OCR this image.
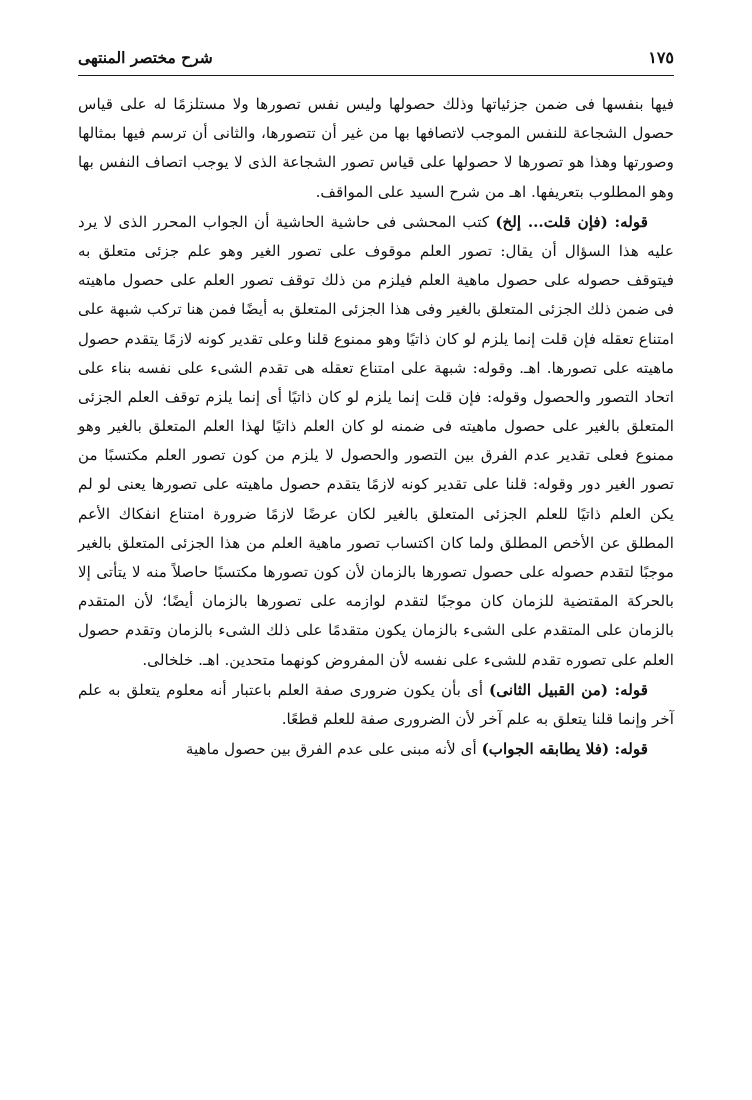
شرح مختصر المنتهى	١٧٥

فيها بنفسها فى ضمن جزئياتها وذلك حصولها وليس نفس تصورها ولا مستلزمًا له على قياس حصول الشجاعة للنفس الموجب لاتصافها بها من غير أن تتصورها، والثانى أن ترسم فيها بمثالها وصورتها وهذا هو تصورها لا حصولها على قياس تصور الشجاعة الذى لا يوجب اتصاف النفس بها وهو المطلوب بتعريفها. اهـ من شرح السيد على المواقف.

قوله: (فإن قلت... إلخ) كتب المحشى فى حاشية الحاشية أن الجواب المحرر الذى لا يرد عليه هذا السؤال أن يقال: تصور العلم موقوف على تصور الغير وهو علم جزئى متعلق به فيتوقف حصوله على حصول ماهية العلم فيلزم من ذلك توقف تصور العلم على حصول ماهيته فى ضمن ذلك الجزئى المتعلق بالغير وفى هذا الجزئى المتعلق به أيضًا فمن هنا تركب شبهة على امتناع تعقله فإن قلت إنما يلزم لو كان ذاتيًا وهو ممنوع قلنا وعلى تقدير كونه لازمًا يتقدم حصول ماهيته على تصورها. اهـ. وقوله: شبهة على امتناع تعقله هى تقدم الشىء على نفسه بناء على اتحاد التصور والحصول وقوله: فإن قلت إنما يلزم لو كان ذاتيًا أى إنما يلزم توقف العلم الجزئى المتعلق بالغير على حصول ماهيته فى ضمنه لو كان العلم ذاتيًا لهذا العلم المتعلق بالغير وهو ممنوع فعلى تقدير عدم الفرق بين التصور والحصول لا يلزم من كون تصور العلم مكتسبًا من تصور الغير دور وقوله: قلنا على تقدير كونه لازمًا يتقدم حصول ماهيته على تصورها يعنى لو لم يكن العلم ذاتيًا للعلم الجزئى المتعلق بالغير لكان عرضًا لازمًا ضرورة امتناع انفكاك الأعم المطلق عن الأخص المطلق ولما كان اكتساب تصور ماهية العلم من هذا الجزئى المتعلق بالغير موجبًا لتقدم حصوله على حصول تصورها بالزمان لأن كون تصورها مكتسبًا حاصلاً منه لا يتأتى إلا بالحركة المقتضية للزمان كان موجبًا لتقدم لوازمه على تصورها بالزمان أيضًا؛ لأن المتقدم بالزمان على المتقدم على الشىء بالزمان يكون متقدمًا على ذلك الشىء بالزمان وتقدم حصول العلم على تصوره تقدم للشىء على نفسه لأن المفروض كونهما متحدين. اهـ. خلخالى.

قوله: (من القبيل الثانى) أى بأن يكون ضرورى صفة العلم باعتبار أنه معلوم يتعلق به علم آخر وإنما قلنا يتعلق به علم آخر لأن الضرورى صفة للعلم قطعًا.

قوله: (فلا يطابقه الجواب) أى لأنه مبنى على عدم الفرق بين حصول ماهية
